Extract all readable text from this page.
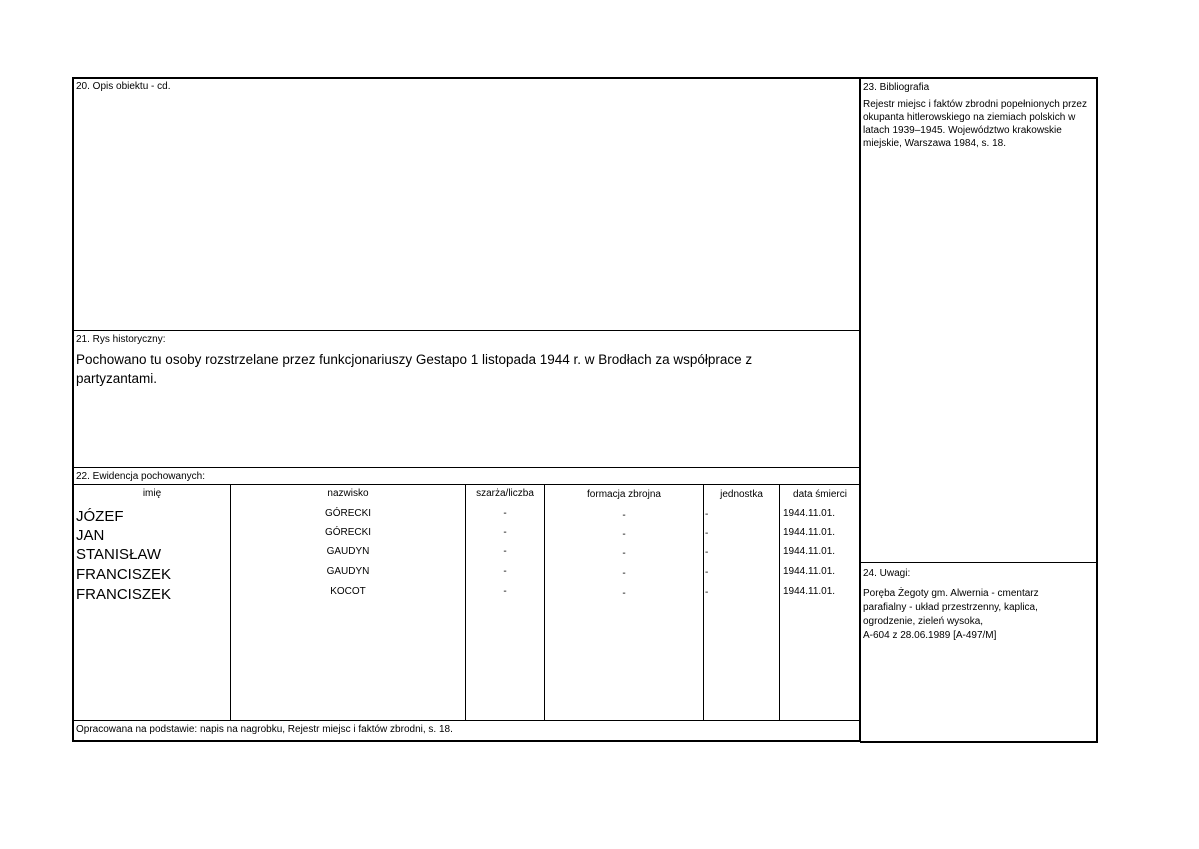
20. Opis obiektu - cd.
21. Rys historyczny:
Pochowano tu osoby rozstrzelane przez funkcjonariuszy Gestapo 1 listopada 1944 r. w Brodłach za współprace z partyzantami.
22. Ewidencja pochowanych:
imię	nazwisko	szarża/liczba	formacja zbrojna	jednostka	data śmierci
JÓZEF	GÓRECKI	-	-	-	1944.11.01.
JAN	GÓRECKI	-	-	-	1944.11.01.
STANISŁAW	GAUDYN	-	-	-	1944.11.01.
FRANCISZEK	GAUDYN	-	-	-	1944.11.01.
FRANCISZEK	KOCOT	-	-	-	1944.11.01.
Opracowana na podstawie: napis na nagrobku, Rejestr miejsc i faktów zbrodni, s. 18.
23. Bibliografia
Rejestr miejsc i faktów zbrodni popełnionych przez okupanta hitlerowskiego na ziemiach polskich w latach 1939–1945. Województwo krakowskie miejskie, Warszawa 1984, s. 18.
24. Uwagi:
Poręba Żegoty gm. Alwernia - cmentarz
parafialny - układ przestrzenny, kaplica,
ogrodzenie, zieleń wysoka,
A-604 z 28.06.1989 [A-497/M]
